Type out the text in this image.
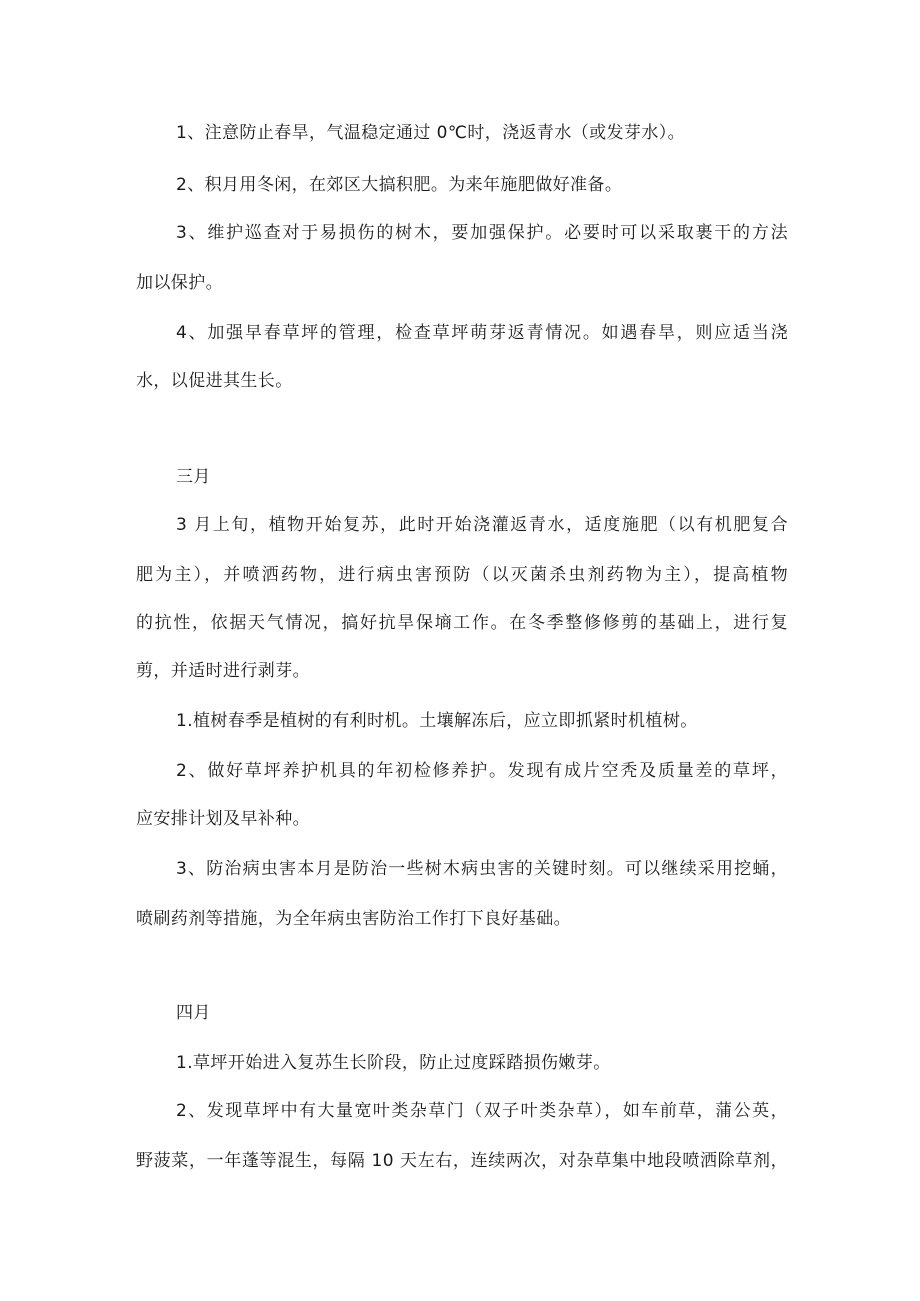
1、注意防止春旱，气温稳定通过 0℃时，浇返青水（或发芽水）。
2、积月用冬闲，在郊区大搞积肥。为来年施肥做好准备。
3、维护巡查对于易损伤的树木，要加强保护。必要时可以采取裹干的方法
加以保护。
4、加强早春草坪的管理，检查草坪萌芽返青情况。如遇春旱，则应适当浇
水，以促进其生长。
三月
3 月上旬，植物开始复苏，此时开始浇灌返青水，适度施肥（以有机肥复合
肥为主），并喷洒药物，进行病虫害预防（以灭菌杀虫剂药物为主），提高植物
的抗性，依据天气情况，搞好抗旱保墒工作。在冬季整修修剪的基础上，进行复
剪，并适时进行剥芽。
1.植树春季是植树的有利时机。土壤解冻后，应立即抓紧时机植树。
2、做好草坪养护机具的年初检修养护。发现有成片空秃及质量差的草坪，
应安排计划及早补种。
3、防治病虫害本月是防治一些树木病虫害的关键时刻。可以继续采用挖蛹，
喷刷药剂等措施，为全年病虫害防治工作打下良好基础。
四月
1.草坪开始进入复苏生长阶段，防止过度踩踏损伤嫩芽。
2、发现草坪中有大量宽叶类杂草门（双子叶类杂草），如车前草，蒲公英，
野菠菜，一年蓬等混生，每隔 10 天左右，连续两次，对杂草集中地段喷洒除草剂，
